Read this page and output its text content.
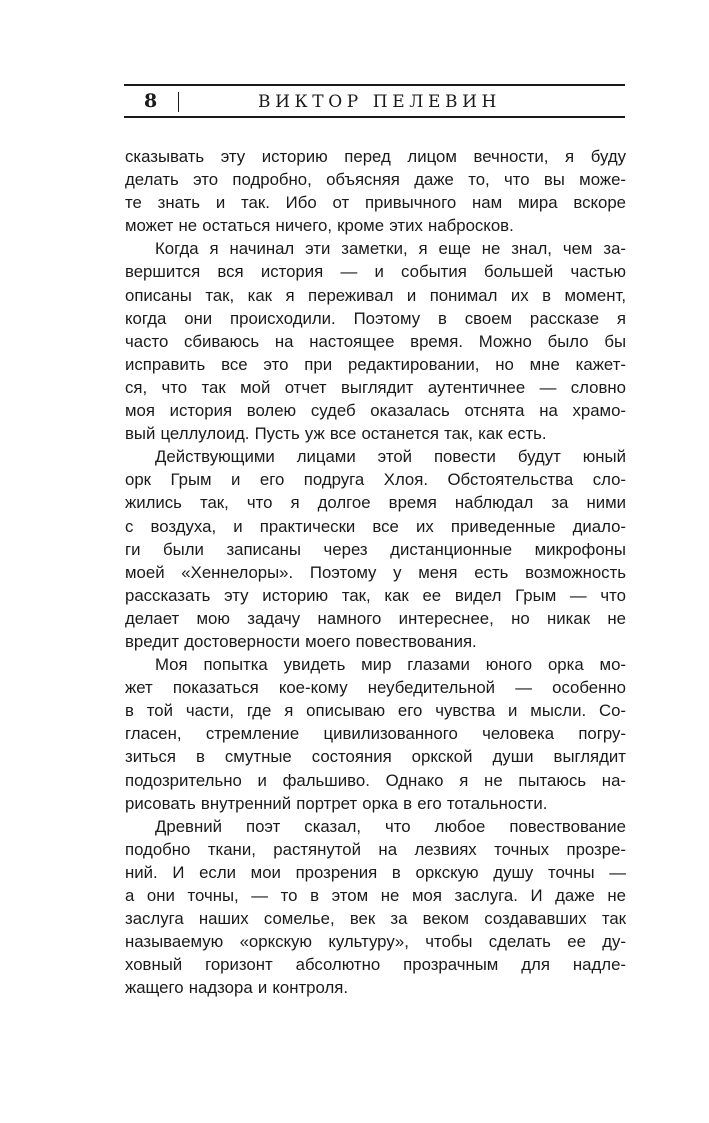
8	ВИКТОР ПЕЛЕВИН
сказывать эту историю перед лицом вечности, я буду
делать это подробно, объясняя даже то, что вы може-
те знать и так. Ибо от привычного нам мира вскоре
может не остаться ничего, кроме этих набросков.
Когда я начинал эти заметки, я еще не знал, чем за-
вершится вся история — и события большей частью
описаны так, как я переживал и понимал их в момент,
когда они происходили. Поэтому в своем рассказе я
часто сбиваюсь на настоящее время. Можно было бы
исправить все это при редактировании, но мне кажет-
ся, что так мой отчет выглядит аутентичнее — словно
моя история волею судеб оказалась отснята на храмо-
вый целлулоид. Пусть уж все останется так, как есть.
Действующими лицами этой повести будут юный
орк Грым и его подруга Хлоя. Обстоятельства сло-
жились так, что я долгое время наблюдал за ними
с воздуха, и практически все их приведенные диало-
ги были записаны через дистанционные микрофоны
моей «Хеннелоры». Поэтому у меня есть возможность
рассказать эту историю так, как ее видел Грым — что
делает мою задачу намного интереснее, но никак не
вредит достоверности моего повествования.
Моя попытка увидеть мир глазами юного орка мо-
жет показаться кое-кому неубедительной — особенно
в той части, где я описываю его чувства и мысли. Со-
гласен, стремление цивилизованного человека погру-
зиться в смутные состояния оркской души выглядит
подозрительно и фальшиво. Однако я не пытаюсь на-
рисовать внутренний портрет орка в его тотальности.
Древний поэт сказал, что любое повествование
подобно ткани, растянутой на лезвиях точных прозре-
ний. И если мои прозрения в оркскую душу точны —
а они точны, — то в этом не моя заслуга. И даже не
заслуга наших сомелье, век за веком создававших так
называемую «оркскую культуру», чтобы сделать ее ду-
ховный горизонт абсолютно прозрачным для надле-
жащего надзора и контроля.
